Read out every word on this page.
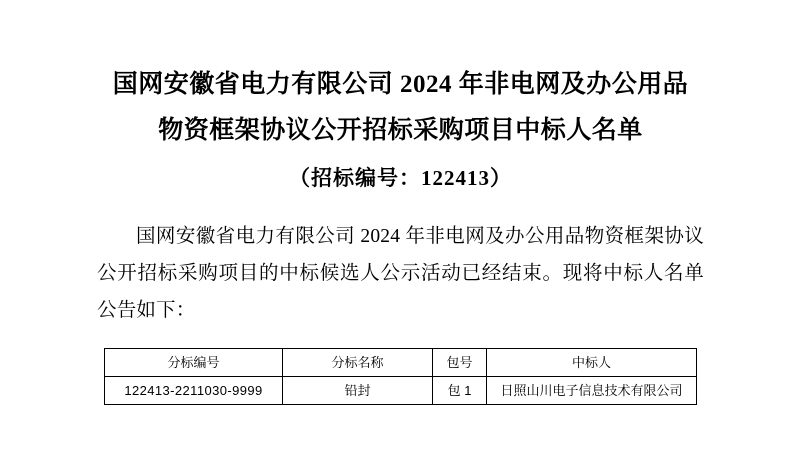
国网安徽省电力有限公司 2024 年非电网及办公用品
物资框架协议公开招标采购项目中标人名单
（招标编号：122413）

国网安徽省电力有限公司 2024 年非电网及办公用品物资框架协议公开招标采购项目的中标候选人公示活动已经结束。现将中标人名单公告如下：

分标编号	分标名称	包号	中标人
122413-2211030-9999	铅封	包 1	日照山川电子信息技术有限公司
